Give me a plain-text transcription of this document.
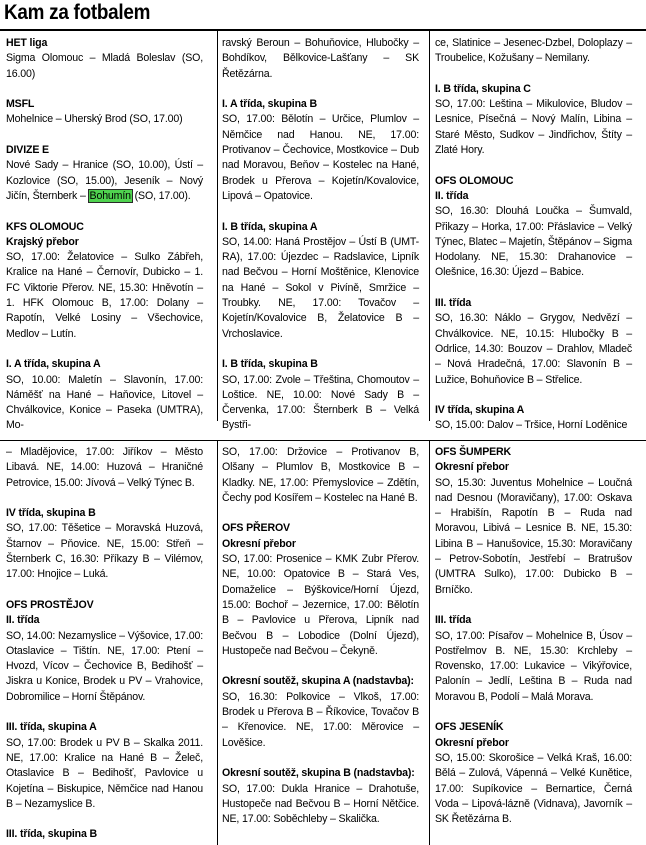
Kam za fotbalem
HET liga
Sigma Olomouc – Mladá Boleslav (SO, 16.00)
MSFL
Mohelnice – Uherský Brod (SO, 17.00)
DIVIZE E
Nové Sady – Hranice (SO, 10.00), Ústí – Kozlovice (SO, 15.00), Jeseník – Nový Jičín, Šternberk – Bohumín (SO, 17.00).
KFS OLOMOUC
Krajský přebor
SO, 17.00: Želatovice – Sulko Zábřeh, Kralice na Hané – Černovír, Dubicko – 1. FC Viktorie Přerov. NE, 15.30: Hněvotín – 1. HFK Olomouc B, 17.00: Dolany – Rapotín, Velké Losiny – Všechovice, Medlov – Lutín.
I. A třída, skupina A
SO, 10.00: Maletín – Slavonín, 17.00: Náměšť na Hané – Haňovice, Litovel – Chválkovice, Konice – Paseka (UMTRA), Mo-
ravský Beroun – Bohuňovice, Hlubočky – Bohdíkov, Bělkovice-Lašťany – SK Řetězárna.
I. A třída, skupina B
SO, 17.00: Bělotín – Určice, Plumlov – Němčice nad Hanou. NE, 17.00: Protivanov – Čechovice, Mostkovice – Dub nad Moravou, Beňov – Kostelec na Hané, Brodek u Přerova – Kojetín/Kovalovice, Lipová – Opatovice.
I. B třída, skupina A
SO, 14.00: Haná Prostějov – Ústí B (UMT-RA), 17.00: Újezdec – Radslavice, Lipník nad Bečvou – Horní Moštěnice, Klenovice na Hané – Sokol v Pivíně, Smržice – Troubky. NE, 17.00: Tovačov – Kojetín/Kovalovice B, Želatovice B – Vrchoslavice.
I. B třída, skupina B
SO, 17.00: Zvole – Třeština, Chomoutov – Loštice. NE, 10.00: Nové Sady B – Červenka, 17.00: Šternberk B – Velká Bystři-
ce, Slatinice – Jesenec-Dzbel, Doloplazy – Troubelice, Kožušany – Nemilany.
I. B třída, skupina C
SO, 17.00: Leština – Mikulovice, Bludov – Lesnice, Písečná – Nový Malín, Libina – Staré Město, Sudkov – Jindřichov, Štíty – Zlaté Hory.
OFS OLOMOUC
II. třída
SO, 16.30: Dlouhá Loučka – Šumvald, Přikazy – Horka, 17.00: Přáslavice – Velký Týnec, Blatec – Majetín, Štěpánov – Sigma Hodolany. NE, 15.30: Drahanovice – Olešnice, 16.30: Újezd – Babice.
III. třída
SO, 16.30: Náklo – Grygov, Nedvězí – Chválkovice. NE, 10.15: Hlubočky B – Odrlice, 14.30: Bouzov – Drahlov, Mladeč – Nová Hradečná, 17.00: Slavonín B – Lužice, Bohuňovice B – Střelice.
IV třída, skupina A
SO, 15.00: Dalov – Tršice, Horní Loděnice
– Mladějovice, 17.00: Jiříkov – Město Libavá. NE, 14.00: Huzová – Hraničné Petrovice, 15.00: Jívová – Velký Týnec B.
IV třída, skupina B
SO, 17.00: Těšetice – Moravská Huzová, Štarnov – Pňovice. NE, 15.00: Střeň – Šternberk C, 16.30: Příkazy B – Vilémov, 17.00: Hnojice – Luká.
OFS PROSTĚJOV
II. třída
SO, 14.00: Nezamyslice – Výšovice, 17.00: Otaslavice – Tištín. NE, 17.00: Ptení – Hvozd, Vícov – Čechovice B, Bedihošť – Jiskra u Konice, Brodek u PV – Vrahovice, Dobromilice – Horní Štěpánov.
III. třída, skupina A
SO, 17.00: Brodek u PV B – Skalka 2011. NE, 17.00: Kralice na Hané B – Želeč, Otaslavice B – Bedihošť, Pavlovice u Kojetína – Biskupice, Němčice nad Hanou B – Nezamyslice B.
III. třída, skupina B
SO, 17.00: Držovice – Protivanov B, Olšany – Plumlov B, Mostkovice B – Kladky. NE, 17.00: Přemyslovice – Zdětín, Čechy pod Kosířem – Kostelec na Hané B.
OFS PŘEROV
Okresní přebor
SO, 17.00: Prosenice – KMK Zubr Přerov. NE, 10.00: Opatovice B – Stará Ves, Domaželice – Býškovice/Horní Újezd, 15.00: Bochoř – Jezernice, 17.00: Bělotín B – Pavlovice u Přerova, Lipník nad Bečvou B – Lobodice (Dolní Újezd), Hustopeče nad Bečvou – Čekyně.
Okresní soutěž, skupina A (nadstavba):
SO, 16.30: Polkovice – Vlkoš, 17.00: Brodek u Přerova B – Říkovice, Tovačov B – Křenovice. NE, 17.00: Měrovice – Lověšice.
Okresní soutěž, skupina B (nadstavba):
SO, 17.00: Dukla Hranice – Drahotuše, Hustopeče nad Bečvou B – Horní Nětčice. NE, 17.00: Soběchleby – Skalička.
OFS ŠUMPERK
Okresní přebor
SO, 15.30: Juventus Mohelnice – Loučná nad Desnou (Moravičany), 17.00: Oskava – Hrabišín, Rapotín B – Ruda nad Moravou, Libivá – Lesnice B. NE, 15.30: Libina B – Hanušovice, 15.30: Moravičany – Petrov-Sobotín, Jestřebí – Bratrušov (UMTRA Sulko), 17.00: Dubicko B – Brníčko.
III. třída
SO, 17.00: Písařov – Mohelnice B, Úsov – Postřelmov B. NE, 15.30: Krchleby – Rovensko, 17.00: Lukavice – Vikýřovice, Palonín – Jedlí, Leština B – Ruda nad Moravou B, Podolí – Malá Morava.
OFS JESENÍK
Okresní přebor
SO, 15.00: Skorošice – Velká Kraš, 16.00: Bělá – Zulová, Vápenná – Velké Kunětice, 17.00: Supíkovice – Bernartice, Černá Voda – Lipová-lázně (Vidnava), Javorník – SK Řetězárna B.
